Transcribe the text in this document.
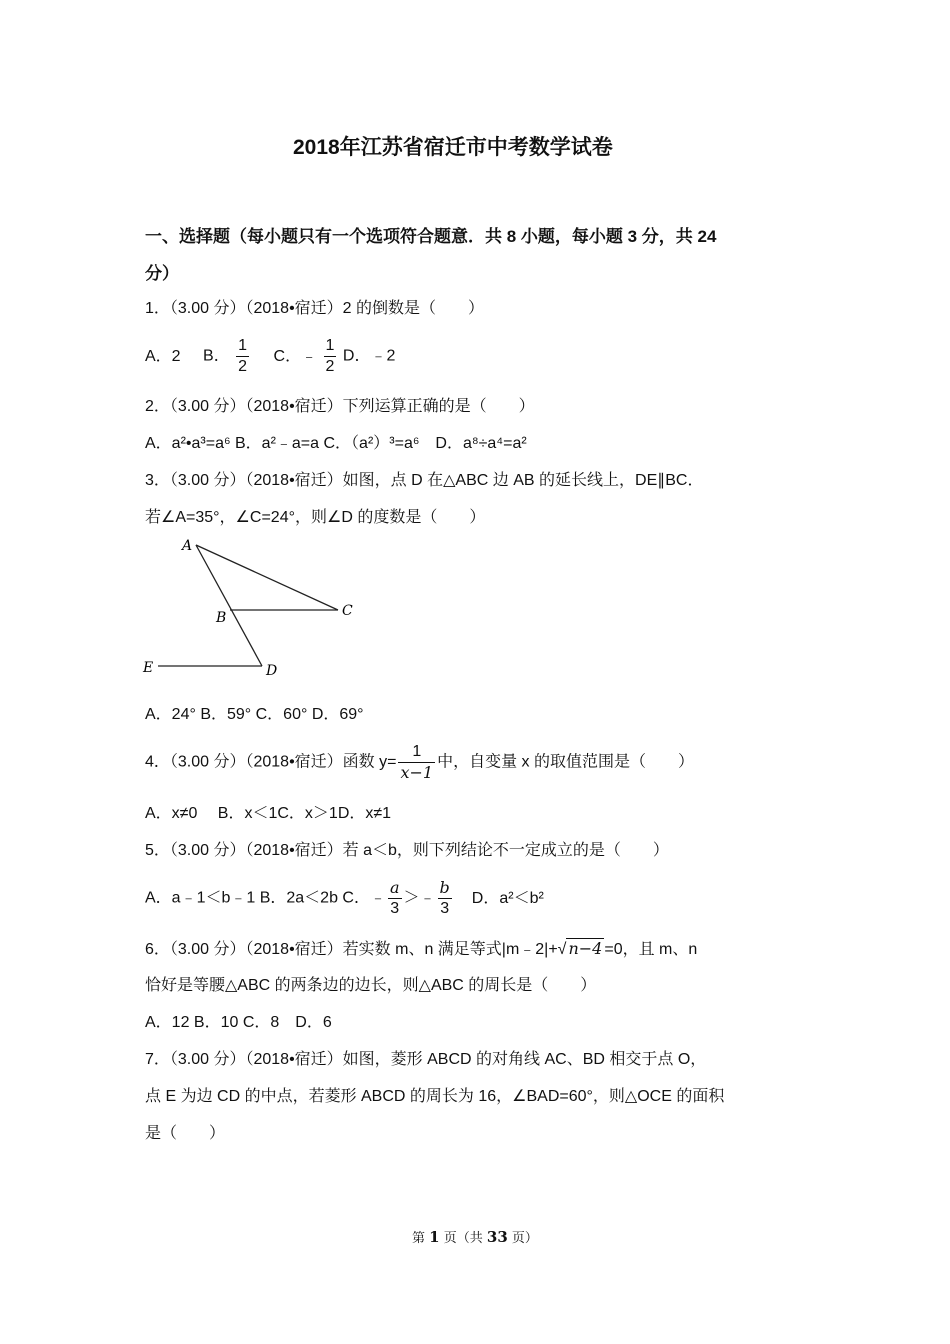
2018年江苏省宿迁市中考数学试卷
一、选择题（每小题只有一个选项符合题意．共 8 小题，每小题 3 分，共 24
分）
1．（3.00 分）（2018•宿迁）2 的倒数是（　　）
A．2 B． $\frac{1}{2}$ C．﹣ $\frac{1}{2}$ D．﹣2
2．（3.00 分）（2018•宿迁）下列运算正确的是（　　）
A．a²•a³=a⁶ B．a²﹣a=a C．（a²）³=a⁶　D．a⁸÷a⁴=a²
3．（3.00 分）（2018•宿迁）如图，点 D 在△ABC 边 AB 的延长线上，DE∥BC．
若∠A=35°，∠C=24°，则∠D 的度数是（　　）
A
B	C
D
E
A．24° B．59° C．60° D．69°
4．（3.00 分）（2018•宿迁）函数 $y= \frac{1}{x-1}$ 中，自变量 x 的取值范围是（　　）
A．x≠0　 B．x＜1C．x＞1D．x≠1
5．（3.00 分）（2018•宿迁）若 a＜b，则下列结论不一定成立的是（　　）
A．a﹣1＜b﹣1 B．2a＜2b C．﹣ $\frac{a}{3}$ ＞﹣ $\frac{b}{3}$ D．a²＜b²
6．（3.00 分）（2018•宿迁）若实数 m、n 满足等式|m﹣2|+√ n−4 =0，且 m、n
恰好是等腰△ABC 的两条边的边长，则△ABC 的周长是（　　）
A．12 B．10 C．8　D．6
7．（3.00 分）（2018•宿迁）如图，菱形 ABCD 的对角线 AC、BD 相交于点 O，
点 E 为边 CD 的中点，若菱形 ABCD 的周长为 16，∠BAD=60°，则△OCE 的面积
是（　　）
第 1 页（共 33 页）
